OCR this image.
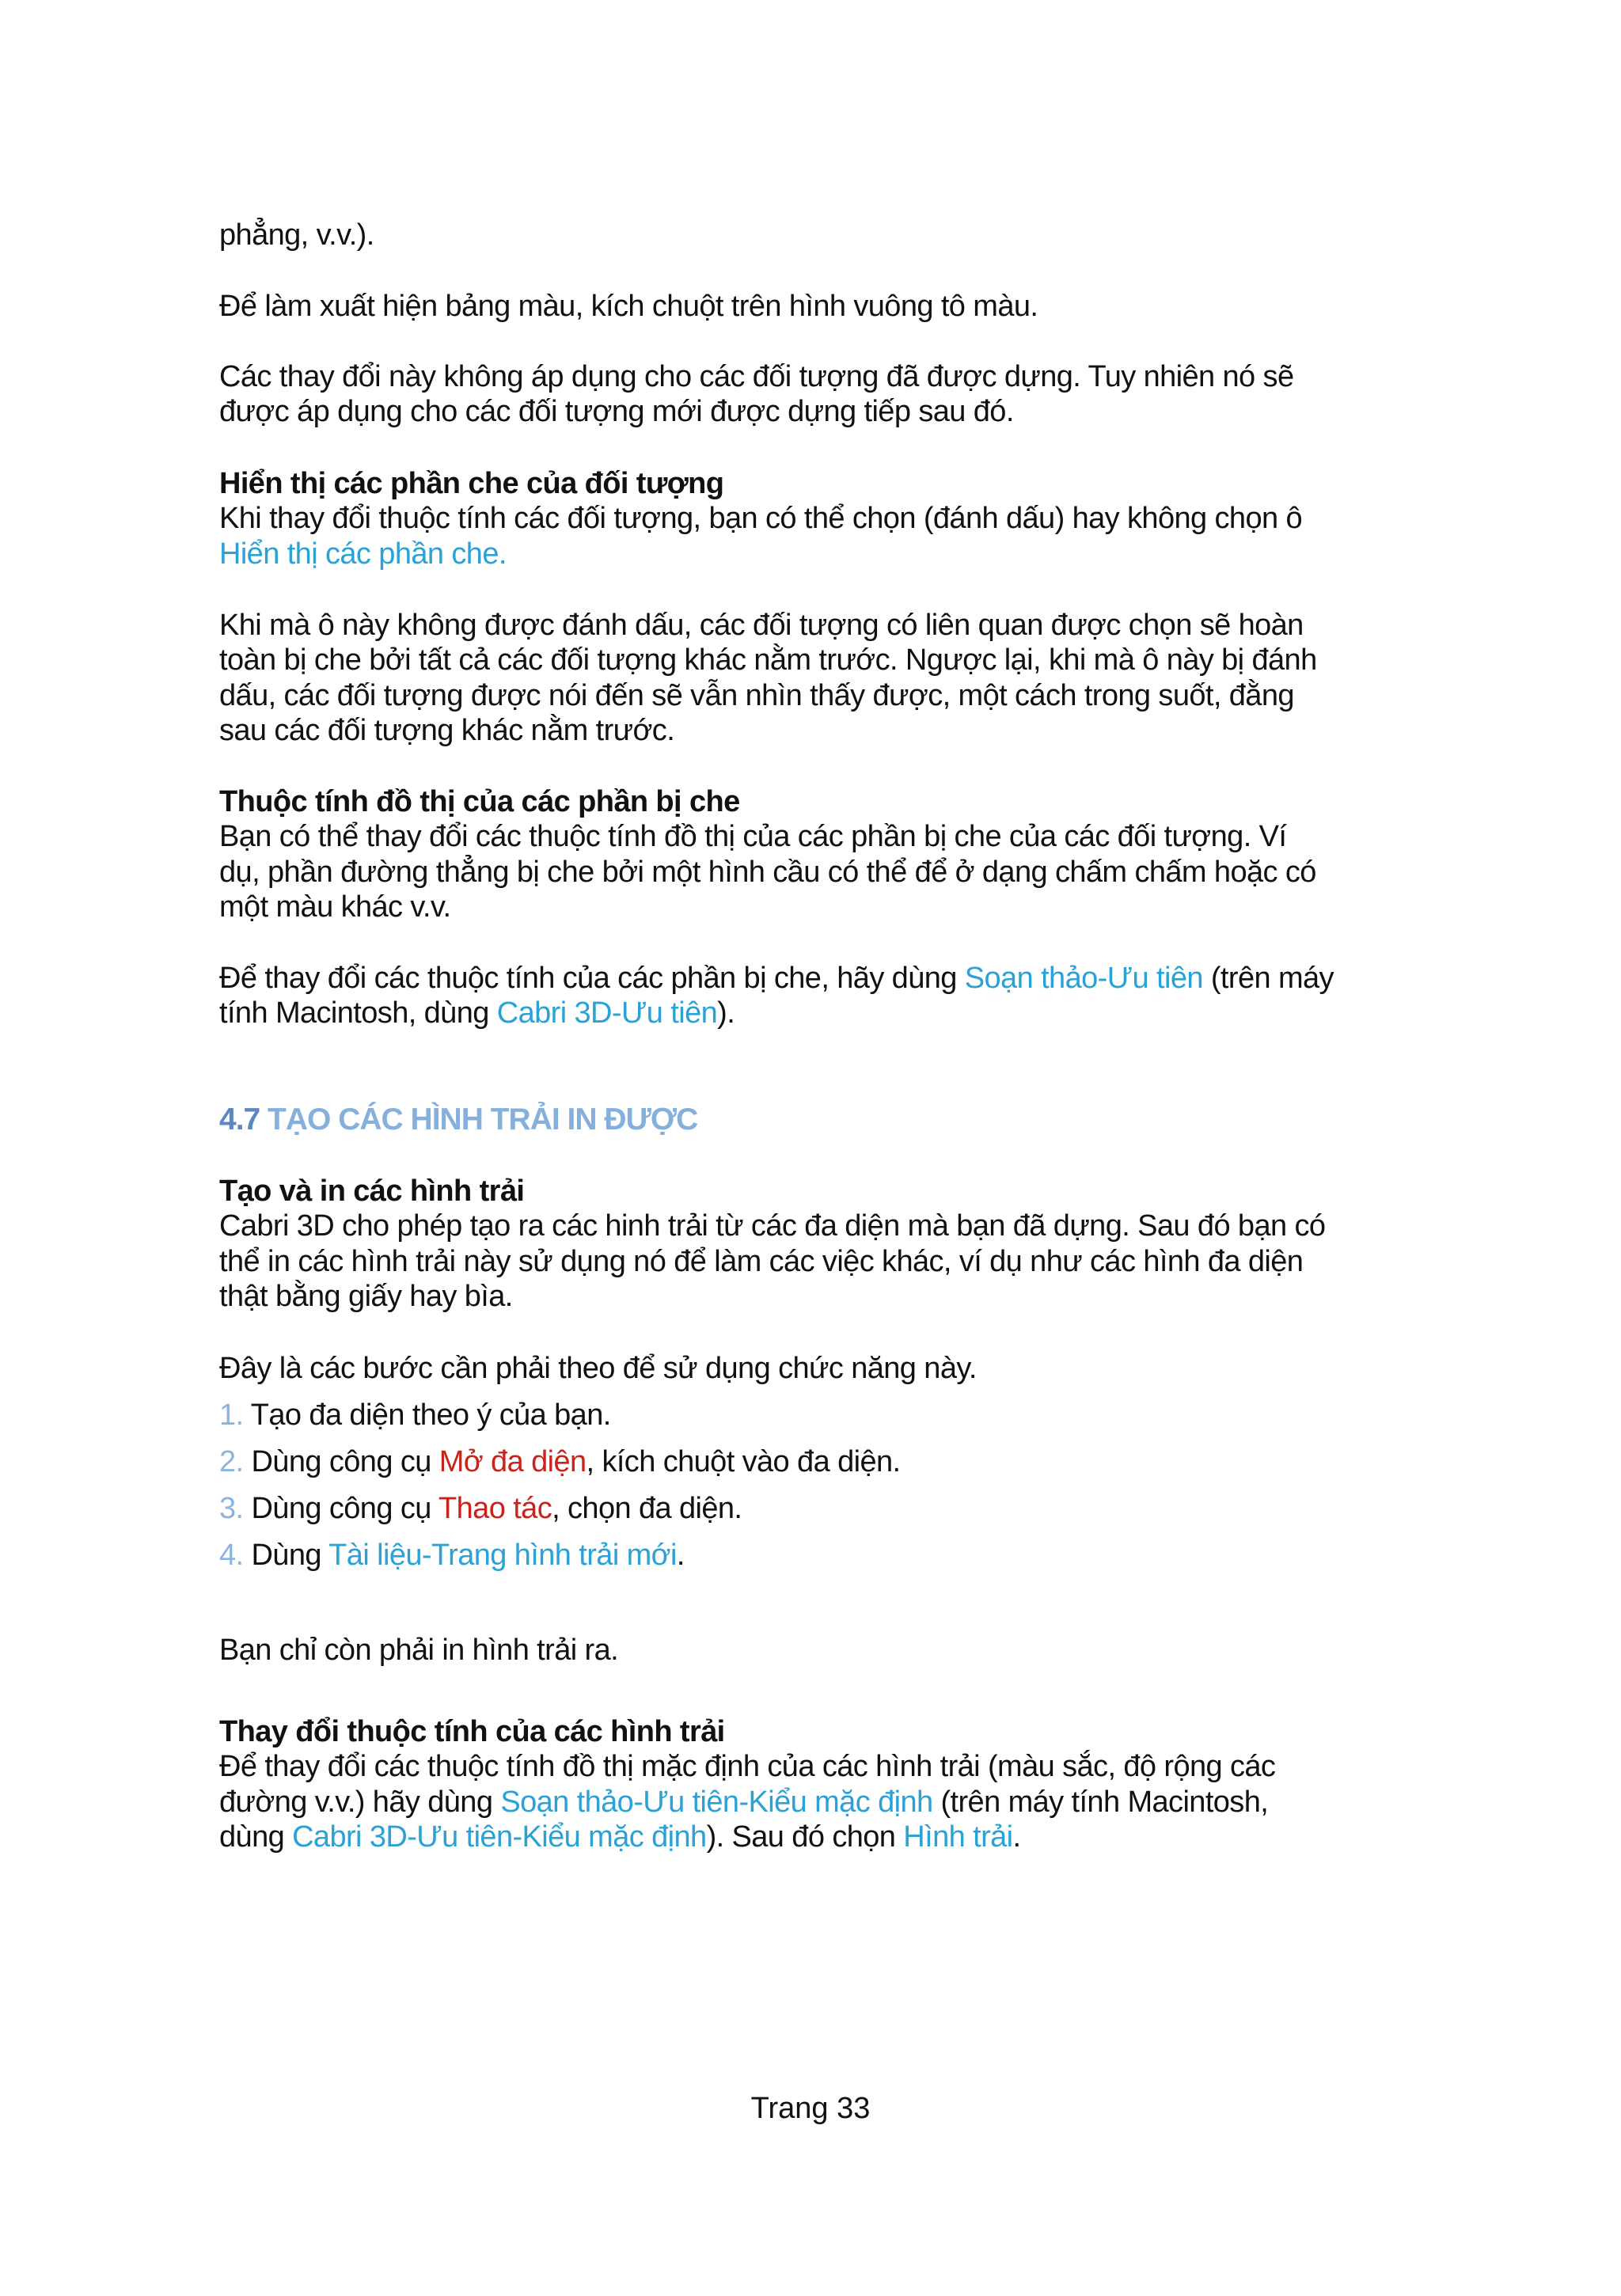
phẳng, v.v.).
Để làm xuất hiện bảng màu, kích chuột trên hình vuông tô màu.
Các thay đổi này không áp dụng cho các đối tượng đã được dựng. Tuy nhiên nó sẽ
được áp dụng cho các đối tượng mới được dựng tiếp sau đó.
Hiển thị các phần che của đối tượng
Khi thay đổi thuộc tính các đối tượng, bạn có thể chọn (đánh dấu) hay không chọn ô
Hiển thị các phần che.
Khi mà ô này không được đánh dấu, các đối tượng có liên quan được chọn sẽ hoàn
toàn bị che bởi tất cả các đối tượng khác nằm trước. Ngược lại, khi mà ô này bị đánh
dấu, các đối tượng được nói đến sẽ vẫn nhìn thấy được, một cách trong suốt, đằng
sau các đối tượng khác nằm trước.
Thuộc tính đồ thị của các phần bị che
Bạn có thể thay đổi các thuộc tính đồ thị của các phần bị che của các đối tượng. Ví
dụ, phần đường thẳng bị che bởi một hình cầu có thể để ở dạng chấm chấm hoặc có
một màu khác v.v.
Để thay đổi các thuộc tính của các phần bị che, hãy dùng Soạn thảo-Ưu tiên (trên máy
tính Macintosh, dùng Cabri 3D-Ưu tiên).
4.7 TẠO CÁC HÌNH TRẢI IN ĐƯỢC
Tạo và in các hình trải
Cabri 3D cho phép tạo ra các hinh trải từ các đa diện mà bạn đã dựng. Sau đó bạn có
thể in các hình trải này sử dụng nó để làm các việc khác, ví dụ như các hình đa diện
thật bằng giấy hay bìa.
Đây là các bước cần phải theo để sử dụng chức năng này.
1. Tạo đa diện theo ý của bạn.
2. Dùng công cụ Mở đa diện, kích chuột vào đa diện.
3. Dùng công cụ Thao tác, chọn đa diện.
4. Dùng Tài liệu-Trang hình trải mới.
Bạn chỉ còn phải in hình trải ra.
Thay đổi thuộc tính của các hình trải
Để thay đổi các thuộc tính đồ thị mặc định của các hình trải (màu sắc, độ rộng các
đường v.v.) hãy dùng Soạn thảo-Ưu tiên-Kiểu mặc định (trên máy tính Macintosh,
dùng Cabri 3D-Ưu tiên-Kiểu mặc định). Sau đó chọn Hình trải.
Trang 33
